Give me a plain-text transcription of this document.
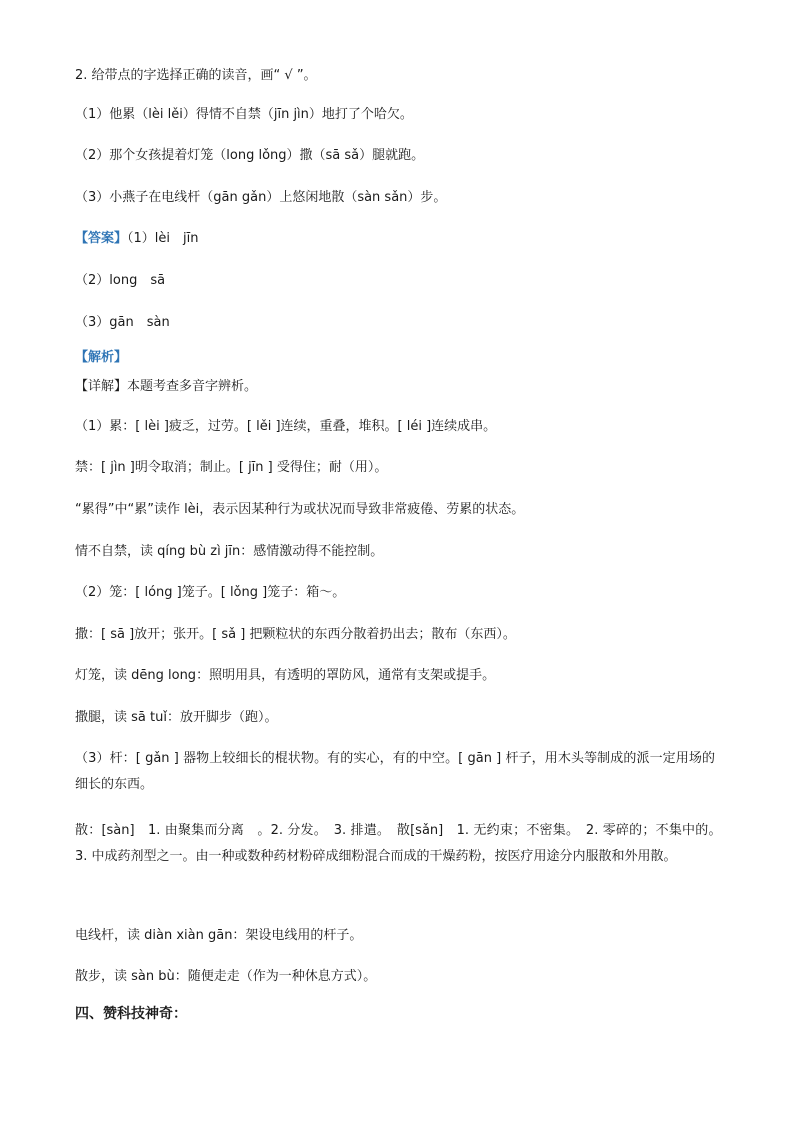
2. 给带点的字选择正确的读音，画“ √ ”。
（1）他累（lèi lěi）得情不自禁（jīn jìn）地打了个哈欠。
（2）那个女孩提着灯笼（long lǒng）撒（sā sǎ）腿就跑。
（3）小燕子在电线杆（gān gǎn）上悠闲地散（sàn sǎn）步。
【答案】（1）lèi　jīn
（2）long　sā
（3）gān　sàn
【解析】
【详解】本题考查多音字辨析。
（1）累：[ lèi ]疲乏，过劳。[ lěi ]连续，重叠，堆积。[ léi ]连续成串。
禁：[ jìn ]明令取消；制止。[ jīn ] 受得住；耐（用）。
“累得”中“累”读作 lèi，表示因某种行为或状况而导致非常疲倦、劳累的状态。
情不自禁，读 qíng bù zì jīn：感情激动得不能控制。
（2）笼：[ lóng ]笼子。[ lǒng ]笼子：箱～。
撒：[ sā ]放开；张开。[ sǎ ] 把颗粒状的东西分散着扔出去；散布（东西）。
灯笼，读 dēng long：照明用具，有透明的罩防风，通常有支架或提手。
撒腿，读 sā tuǐ：放开脚步（跑）。
（3）杆：[ gǎn ] 器物上较细长的棍状物。有的实心，有的中空。[ gān ] 杆子，用木头等制成的派一定用场的细长的东西。
散：[sàn]　1. 由聚集而分离　。2. 分发。　3. 排遣。　散[sǎn]　1. 无约束；不密集。　2. 零碎的；不集中的。　3. 中成药剂型之一。由一种或数种药材粉碎成细粉混合而成的干燥药粉，按医疗用途分内服散和外用散。
电线杆，读 diàn xiàn gān：架设电线用的杆子。
散步，读 sàn bù：随便走走（作为一种休息方式）。
四、赞科技神奇：
